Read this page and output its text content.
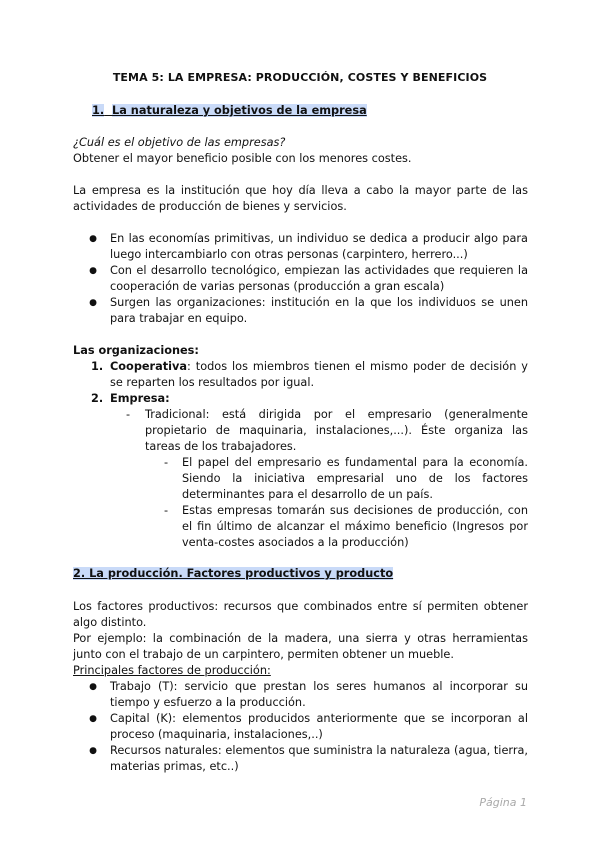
TEMA 5: LA EMPRESA: PRODUCCIÓN, COSTES Y BENEFICIOS
1. La naturaleza y objetivos de la empresa
¿Cuál es el objetivo de las empresas?
Obtener el mayor beneficio posible con los menores costes.
La empresa es la institución que hoy día lleva a cabo la mayor parte de las actividades de producción de bienes y servicios.
● En las economías primitivas, un individuo se dedica a producir algo para luego intercambiarlo con otras personas (carpintero, herrero...)
● Con el desarrollo tecnológico, empiezan las actividades que requieren la cooperación de varias personas (producción a gran escala)
● Surgen las organizaciones: institución en la que los individuos se unen para trabajar en equipo.
Las organizaciones:
1. Cooperativa: todos los miembros tienen el mismo poder de decisión y se reparten los resultados por igual.
2. Empresa:
- Tradicional: está dirigida por el empresario (generalmente propietario de maquinaria, instalaciones,...). Éste organiza las tareas de los trabajadores.
- El papel del empresario es fundamental para la economía. Siendo la iniciativa empresarial uno de los factores determinantes para el desarrollo de un país.
- Estas empresas tomarán sus decisiones de producción, con el fin último de alcanzar el máximo beneficio (Ingresos por venta-costes asociados a la producción)
2. La producción. Factores productivos y producto
Los factores productivos: recursos que combinados entre sí permiten obtener algo distinto.
Por ejemplo: la combinación de la madera, una sierra y otras herramientas junto con el trabajo de un carpintero, permiten obtener un mueble.
Principales factores de producción:
● Trabajo (T): servicio que prestan los seres humanos al incorporar su tiempo y esfuerzo a la producción.
● Capital (K): elementos producidos anteriormente que se incorporan al proceso (maquinaria, instalaciones,..)
● Recursos naturales: elementos que suministra la naturaleza (agua, tierra, materias primas, etc..)
Página 1
